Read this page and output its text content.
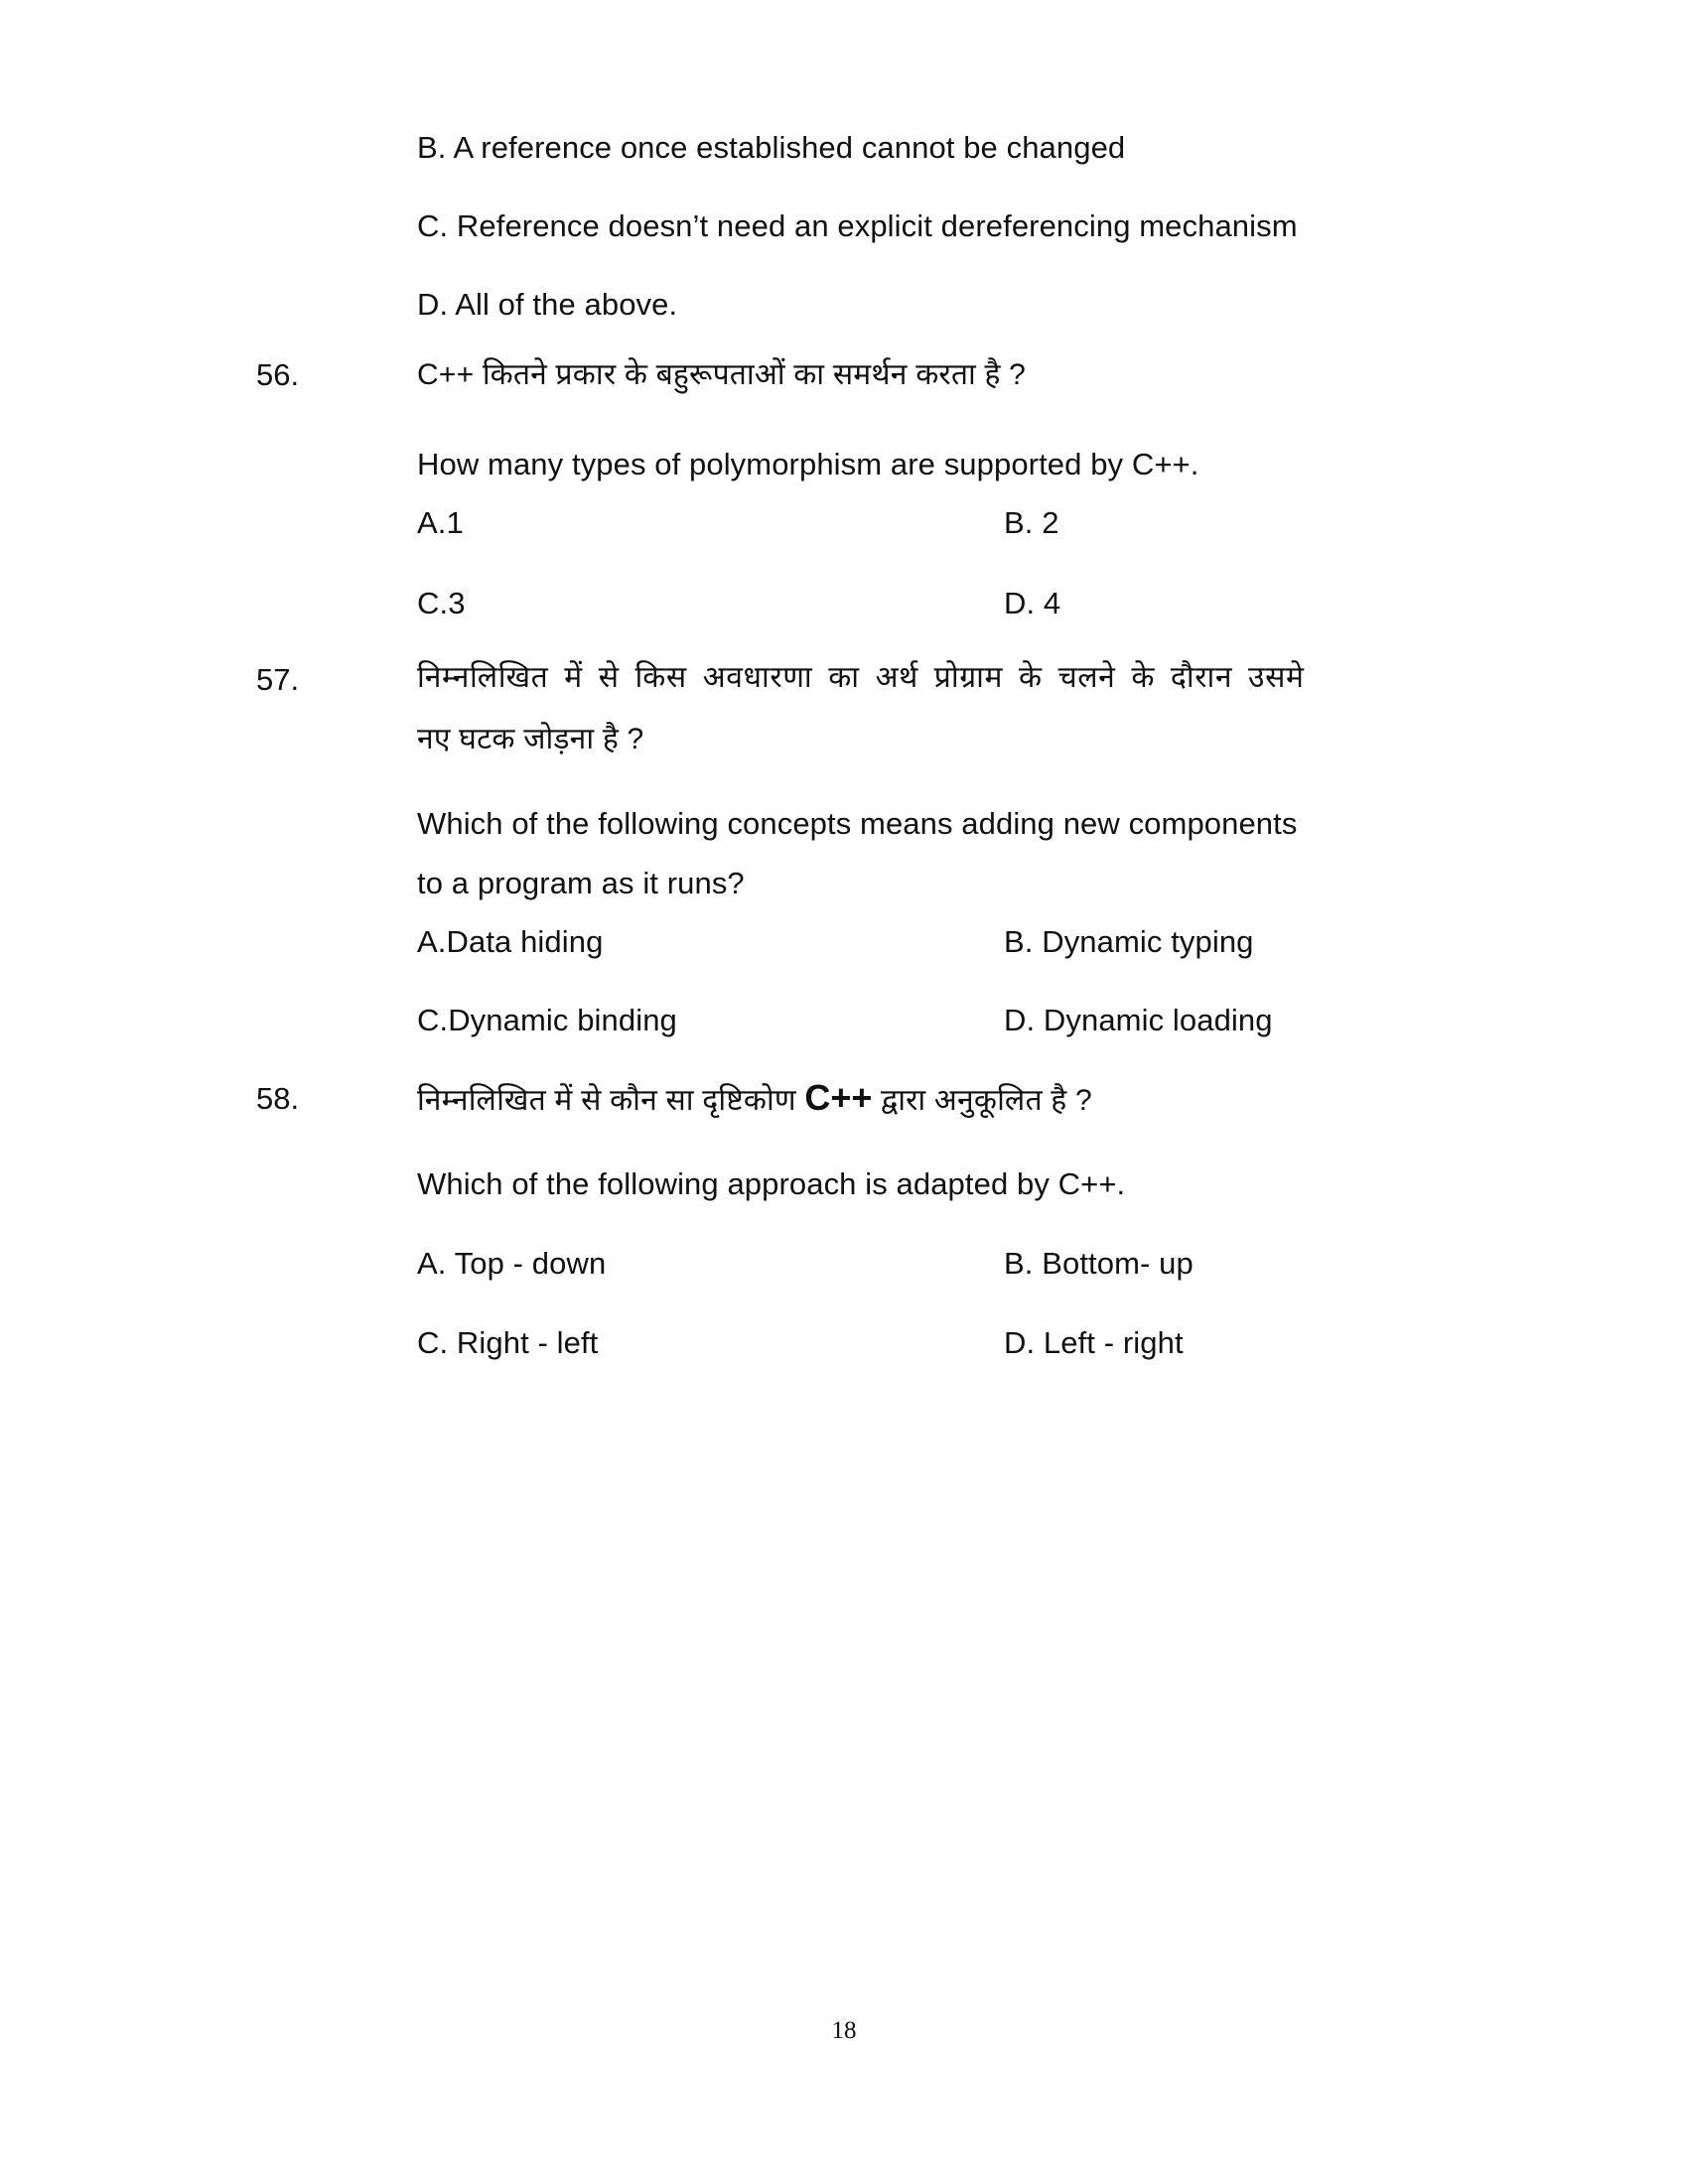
B. A reference once established cannot be changed
C. Reference doesn’t need an explicit dereferencing mechanism
D. All of the above.
56.	C++ कितने प्रकार के बहुरूपताओं का समर्थन करता है ?
How many types of polymorphism are supported by C++.
A.1	B. 2
C.3	D. 4
57.	निम्नलिखित में से किस अवधारणा का अर्थ प्रोग्राम के चलने के दौरान उसमे
नए घटक जोड़ना है ?
Which of the following concepts means adding new components
to a program as it runs?
A.Data hiding	B. Dynamic typing
C.Dynamic binding	D. Dynamic loading
58.	निम्नलिखित में से कौन सा दृष्टिकोण C++ द्वारा अनुकूलित है ?
Which of the following approach is adapted by C++.
A. Top - down	B. Bottom- up
C. Right - left	D. Left - right
18
